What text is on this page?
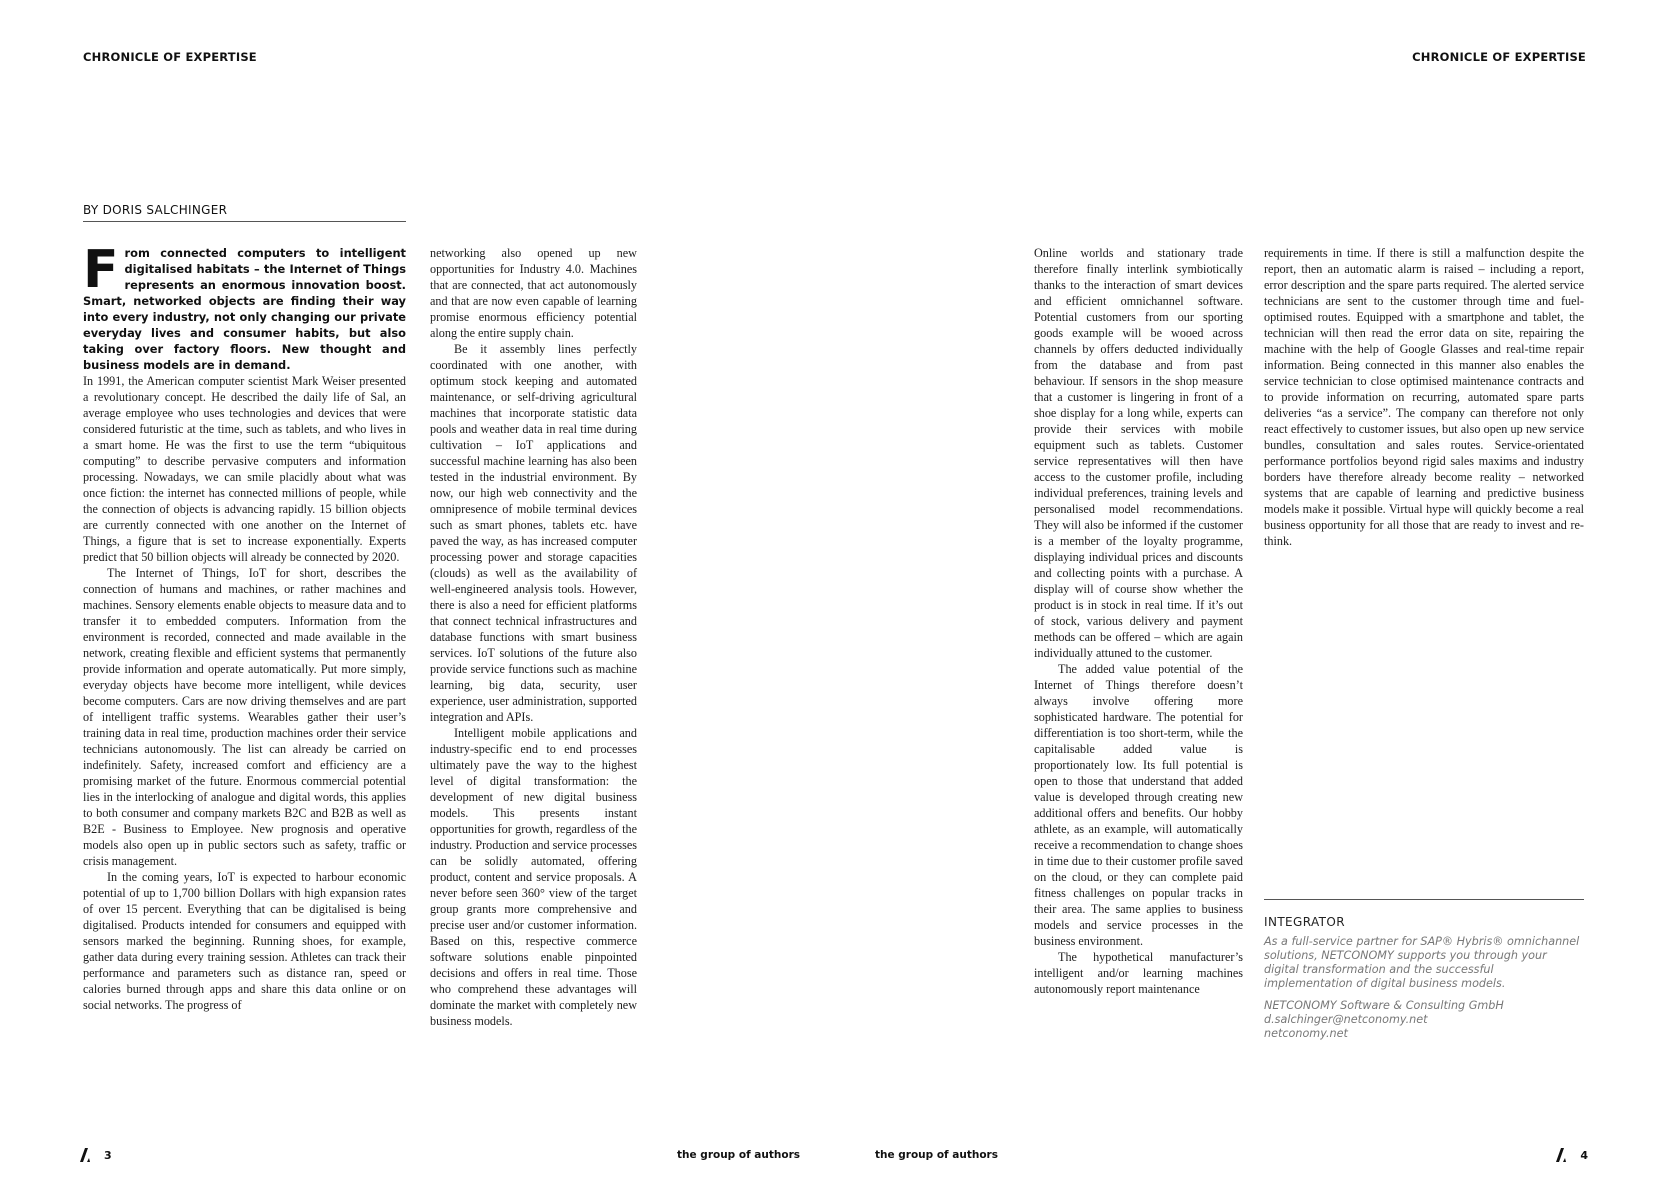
CHRONICLE OF EXPERTISE
BY DORIS SALCHINGER

From connected computers to intelligent digitalised habitats – the Internet of Things represents an enormous innovation boost. Smart, networked objects are finding their way into every industry, not only changing our private everyday lives and consumer habits, but also taking over factory floors. New thought and business models are in demand.

In 1991, the American computer scientist Mark Weiser presented a revolutionary concept. He described the daily life of Sal, an average employee who uses technologies and devices that were considered futuristic at the time, such as tablets, and who lives in a smart home. He was the first to use the term “ubiquitous computing” to describe pervasive computers and information processing. Nowadays, we can smile placidly about what was once fiction: the internet has connected millions of people, while the connection of objects is advancing rapidly. 15 billion objects are currently connected with one another on the Internet of Things, a figure that is set to increase exponentially. Experts predict that 50 billion objects will already be connected by 2020.

The Internet of Things, IoT for short, describes the connection of humans and machines, or rather machines and machines. Sensory elements enable objects to measure data and to transfer it to embedded computers. Information from the environment is recorded, connected and made available in the network, creating flexible and efficient systems that permanently provide information and operate automatically. Put more simply, everyday objects have become more intelligent, while devices become computers. Cars are now driving themselves and are part of intelligent traffic systems. Wearables gather their user’s training data in real time, production machines order their service technicians autonomously. The list can already be carried on indefinitely. Safety, increased comfort and efficiency are a promising market of the future. Enormous commercial potential lies in the interlocking of analogue and digital words, this applies to both consumer and company markets B2C and B2B as well as B2E - Business to Employee. New prognosis and operative models also open up in public sectors such as safety, traffic or crisis management.

In the coming years, IoT is expected to harbour economic potential of up to 1,700 billion Dollars with high expansion rates of over 15 percent. Everything that can be digitalised is being digitalised. Products intended for consumers and equipped with sensors marked the beginning. Running shoes, for example, gather data during every training session. Athletes can track their performance and parameters such as distance ran, speed or calories burned through apps and share this data online or on social networks. The progress of

networking also opened up new opportunities for Industry 4.0. Machines that are connected, that act autonomously and that are now even capable of learning promise enormous efficiency potential along the entire supply chain.

Be it assembly lines perfectly coordinated with one another, with optimum stock keeping and automated maintenance, or self-driving agricultural machines that incorporate statistic data pools and weather data in real time during cultivation – IoT applications and successful machine learning has also been tested in the industrial environment. By now, our high web connectivity and the omnipresence of mobile terminal devices such as smart phones, tablets etc. have paved the way, as has increased computer processing power and storage capacities (clouds) as well as the availability of well-engineered analysis tools. However, there is also a need for efficient platforms that connect technical infrastructures and database functions with smart business services. IoT solutions of the future also provide service functions such as machine learning, big data, security, user experience, user administration, supported integration and APIs.

Intelligent mobile applications and industry-specific end to end processes ultimately pave the way to the highest level of digital transformation: the development of new digital business models. This presents instant opportunities for growth, regardless of the industry. Production and service processes can be solidly automated, offering product, content and service proposals. A never before seen 360° view of the target group grants more comprehensive and precise user and/or customer information. Based on this, respective commerce software solutions enable pinpointed decisions and offers in real time. Those who comprehend these advantages will dominate the market with completely new business models.

3	the group of authors
CHRONICLE OF EXPERTISE

Online worlds and stationary trade therefore finally interlink symbiotically thanks to the interaction of smart devices and efficient omnichannel software. Potential customers from our sporting goods example will be wooed across channels by offers deducted individually from the database and from past behaviour. If sensors in the shop measure that a customer is lingering in front of a shoe display for a long while, experts can provide their services with mobile equipment such as tablets. Customer service representatives will then have access to the customer profile, including individual preferences, training levels and personalised model recommendations. They will also be informed if the customer is a member of the loyalty programme, displaying individual prices and discounts and collecting points with a purchase. A display will of course show whether the product is in stock in real time. If it’s out of stock, various delivery and payment methods can be offered – which are again individually attuned to the customer.

The added value potential of the Internet of Things therefore doesn’t always involve offering more sophisticated hardware. The potential for differentiation is too short-term, while the capitalisable added value is proportionately low. Its full potential is open to those that understand that added value is developed through creating new additional offers and benefits. Our hobby athlete, as an example, will automatically receive a recommendation to change shoes in time due to their customer profile saved on the cloud, or they can complete paid fitness challenges on popular tracks in their area. The same applies to business models and service processes in the business environment.

The hypothetical manufacturer’s intelligent and/or learning machines autonomously report maintenance

requirements in time. If there is still a malfunction despite the report, then an automatic alarm is raised – including a report, error description and the spare parts required. The alerted service technicians are sent to the customer through time and fuel-optimised routes. Equipped with a smartphone and tablet, the technician will then read the error data on site, repairing the machine with the help of Google Glasses and real-time repair information. Being connected in this manner also enables the service technician to close optimised maintenance contracts and to provide information on recurring, automated spare parts deliveries “as a service”. The company can therefore not only react effectively to customer issues, but also open up new service bundles, consultation and sales routes. Service-orientated performance portfolios beyond rigid sales maxims and industry borders have therefore already become reality – networked systems that are capable of learning and predictive business models make it possible. Virtual hype will quickly become a real business opportunity for all those that are ready to invest and re-think.

INTEGRATOR

As a full-service partner for SAP® Hybris® omnichannel solutions, NETCONOMY supports you through your digital transformation and the successful implementation of digital business models.

NETCONOMY Software & Consulting GmbH
d.salchinger@netconomy.net
netconomy.net
4
the group of authors
